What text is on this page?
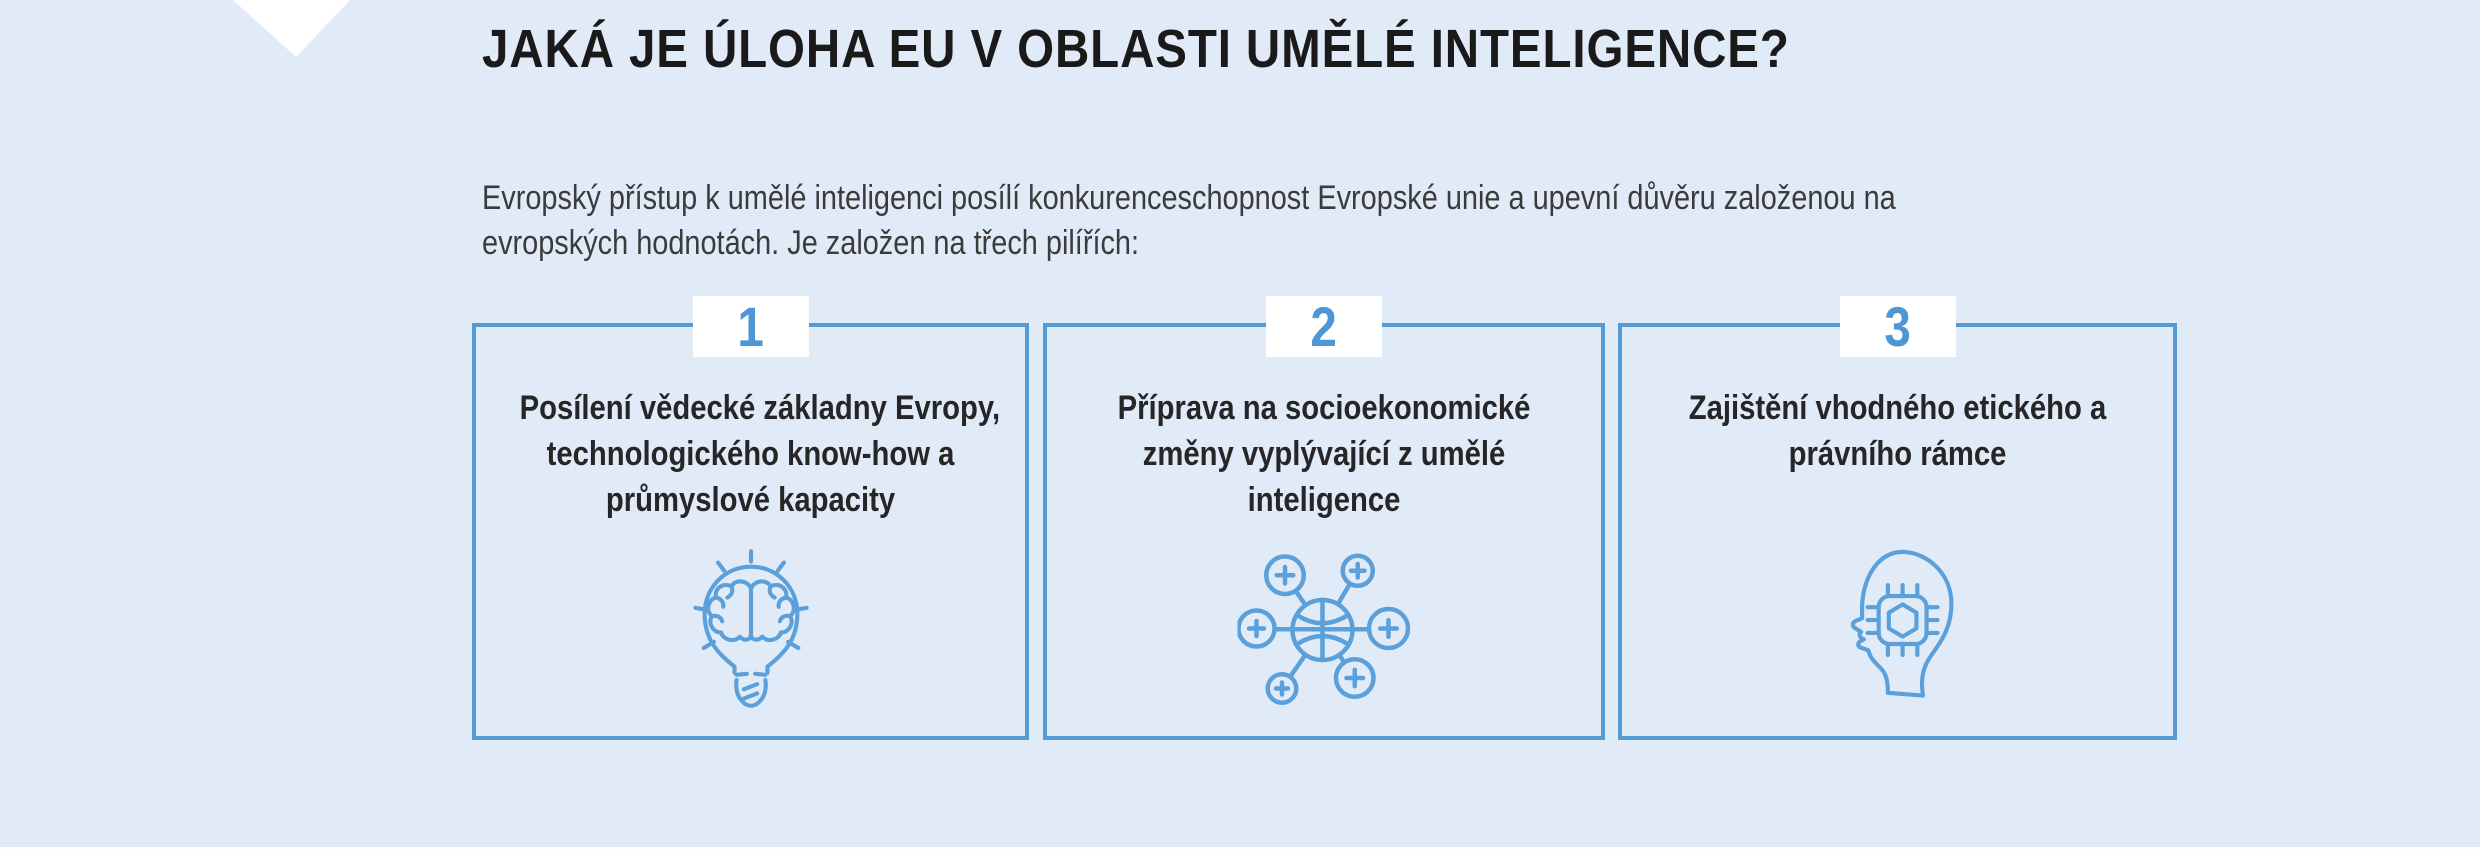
JAKÁ JE ÚLOHA EU V OBLASTI UMĚLÉ INTELIGENCE?
Evropský přístup k umělé inteligenci posílí konkurenceschopnost Evropské unie a upevní důvěru založenou na
evropských hodnotách. Je založen na třech pilířích:
1
Posílení vědecké základny Evropy,
technologického know-how a
průmyslové kapacity
2
Příprava na socioekonomické
změny vyplývající z umělé
inteligence
3
Zajištění vhodného etického a
právního rámce
